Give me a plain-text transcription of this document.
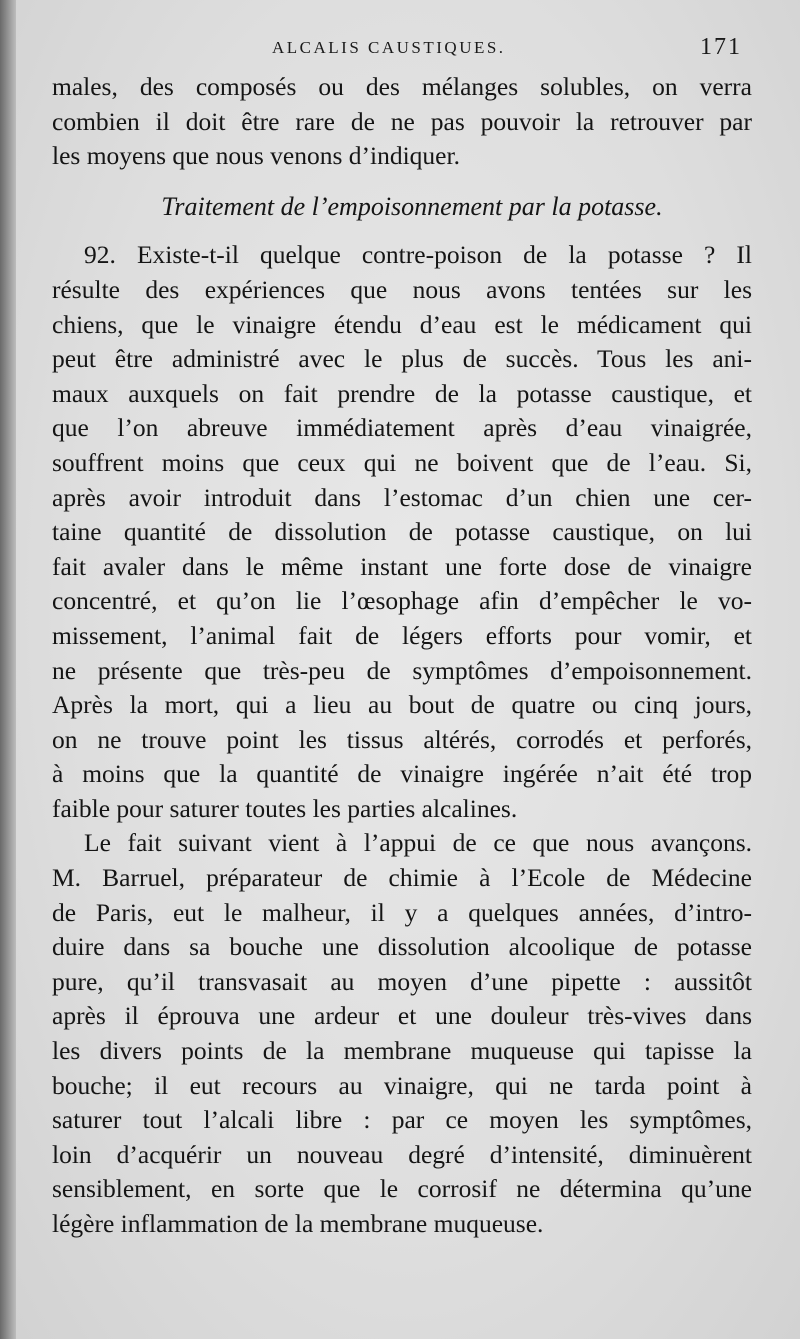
ALCALIS CAUSTIQUES.	171
males, des composés ou des mélanges solubles, on verra
combien il doit être rare de ne pas pouvoir la retrouver par
les moyens que nous venons d’indiquer.
Traitement de l’empoisonnement par la potasse.
92. Existe-t-il quelque contre-poison de la potasse ? Il
résulte des expériences que nous avons tentées sur les
chiens, que le vinaigre étendu d’eau est le médicament qui
peut être administré avec le plus de succès. Tous les ani-
maux auxquels on fait prendre de la potasse caustique, et
que l’on abreuve immédiatement après d’eau vinaigrée,
souffrent moins que ceux qui ne boivent que de l’eau. Si,
après avoir introduit dans l’estomac d’un chien une cer-
taine quantité de dissolution de potasse caustique, on lui
fait avaler dans le même instant une forte dose de vinaigre
concentré, et qu’on lie l’œsophage afin d’empêcher le vo-
missement, l’animal fait de légers efforts pour vomir, et
ne présente que très-peu de symptômes d’empoisonnement.
Après la mort, qui a lieu au bout de quatre ou cinq jours,
on ne trouve point les tissus altérés, corrodés et perforés,
à moins que la quantité de vinaigre ingérée n’ait été trop
faible pour saturer toutes les parties alcalines.
Le fait suivant vient à l’appui de ce que nous avançons.
M. Barruel, préparateur de chimie à l’Ecole de Médecine
de Paris, eut le malheur, il y a quelques années, d’intro-
duire dans sa bouche une dissolution alcoolique de potasse
pure, qu’il transvasait au moyen d’une pipette : aussitôt
après il éprouva une ardeur et une douleur très-vives dans
les divers points de la membrane muqueuse qui tapisse la
bouche; il eut recours au vinaigre, qui ne tarda point à
saturer tout l’alcali libre : par ce moyen les symptômes,
loin d’acquérir un nouveau degré d’intensité, diminuèrent
sensiblement, en sorte que le corrosif ne détermina qu’une
légère inflammation de la membrane muqueuse.
